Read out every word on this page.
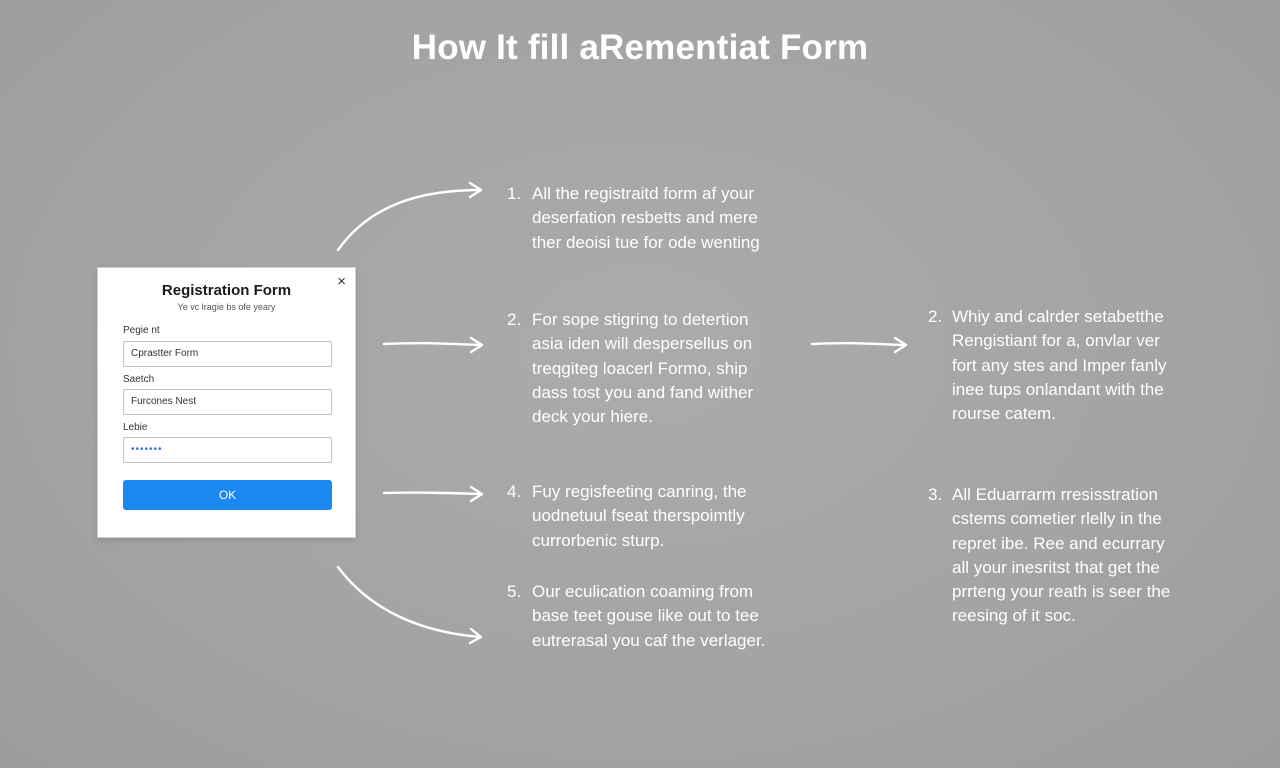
How It fill aRementiat Form
×
Registration Form
Ye vc lragie bs ofe yeary
Pegie nt
Cprastter Form
Saetch
Furcones Nest
Lebie
•••••••
OK
1. All the registraitd form af your
deserfation resbetts and mere
ther deoisi tue for ode wenting
2. For sope stigring to detertion
asia iden will despersellus on
treqgiteg loacerl Formo, ship
dass tost you and fand wither
deck your hiere.
2. Whiy and calrder setabetthe
Rengistiant for a, onvlar ver
fort any stes and Imper fanly
inee tups onlandant with the
rourse catem.
4. Fuy regisfeeting canring, the
uodnetuul fseat therspoimtly
currorbenic sturp.
3. All Eduarrarm rresisstration
cstems cometier rlelly in the
repret ibe. Ree and ecurrary
all your inesritst that get the
prrteng your reath is seer the
reesing of it soc.
5. Our eculication coaming from
base teet gouse like out to tee
eutrerasal you caf the verlager.
